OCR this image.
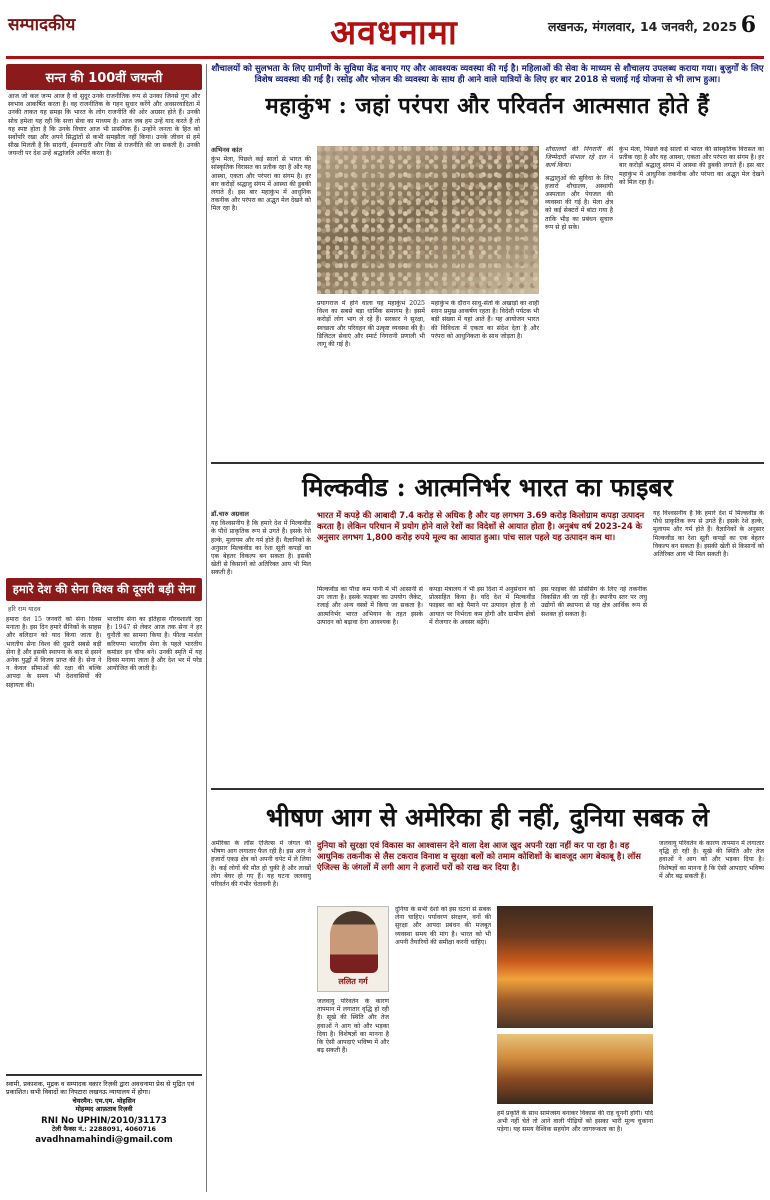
सम्पादकीय	अवधनामा	लखनऊ, मंगलवार, 14 जनवरी, 2025 6
सन्त की 100वीं जयन्ती
आज जो कल जन्म आज है वो सुदूर उनके राजनीतिक रूप से उनका जिनसे गुण और स्वभाव आकर्षित करता है। वह राजनीतिक के गहन सुधार करेंगे और अवसरवादिता में उनकी ताकत यह समझ कि भारत के लोग राजनीति की ओर अग्रसर होते हैं। उनकी सोच हमेशा यह रही कि सत्ता सेवा का माध्यम है। आज जब हम उन्हें याद करते हैं तो यह स्पष्ट होता है कि उनके विचार आज भी प्रासंगिक हैं। उन्होंने जनता के हित को सर्वोपरि रखा और अपने सिद्धांतों से कभी समझौता नहीं किया। उनके जीवन से हमें सीख मिलती है कि सादगी, ईमानदारी और निष्ठा से राजनीति की जा सकती है। उनकी जयन्ती पर देश उन्हें श्रद्धांजलि अर्पित करता है।
हमारे देश की सेना विश्व की दूसरी बड़ी सेना
हरि राम यादव
हमारा देश 15 जनवरी को सेना दिवस मनाता है। इस दिन हमारे सैनिकों के साहस और बलिदान को याद किया जाता है। भारतीय सेना विश्व की दूसरी सबसे बड़ी सेना है और इसकी स्थापना के बाद से इसने अनेक युद्धों में विजय प्राप्त की है। सेना ने न केवल सीमाओं की रक्षा की बल्कि आपदा के समय भी देशवासियों की सहायता की।
भारतीय सेना का इतिहास गौरवशाली रहा है। 1947 से लेकर आज तक सेना ने हर चुनौती का सामना किया है। फील्ड मार्शल करियप्पा भारतीय सेना के पहले भारतीय कमांडर इन चीफ बने। उनकी स्मृति में यह दिवस मनाया जाता है और देश भर में परेड आयोजित की जाती है।
स्वामी, प्रकाशक, मुद्रक व सम्पादक वक़ार रिज़वी द्वारा अवधनामा प्रेस से मुद्रित एवं प्रकाशित। सभी विवादों का निपटारा लखनऊ न्यायालय में होगा।
चेयरमैन: एम.एम. मोहसिन
मोहम्मद आफ़ताब रिज़वी
RNI No UPHIN/2010/31173
टेली फैक्स नं.: 2288091, 4060716
avadhnamahindi@gmail.com
शौचालयों को सुलभता के लिए ग्रामीणों के सुविधा केंद्र बनाए गए और आवश्यक व्यवस्था की गई है। महिलाओं की सेवा के माध्यम से शौचालय उपलब्ध कराया गया। बुजुर्गों के लिए विशेष व्यवस्था की गई है। रसोइ और भोजन की व्यवस्था के साथ ही आने वाले यात्रियों के लिए हर बार 2018 से चलाई गई योजना से भी लाभ हुआ।
महाकुंभ : जहां परंपरा और परिवर्तन आत्मसात होते हैं
अभिनव कांत
कुंभ मेला, पिछले कई सालों से भारत की सांस्कृतिक विरासत का प्रतीक रहा है और यह आस्था, एकता और परंपरा का संगम है। हर बार करोड़ों श्रद्धालु संगम में आस्था की डुबकी लगाते हैं। इस बार महाकुंभ में आधुनिक तकनीक और परंपरा का अद्भुत मेल देखने को मिल रहा है।
प्रयागराज में होने वाला यह महाकुंभ 2025 विश्व का सबसे बड़ा धार्मिक समागम है। इसमें करोड़ों लोग भाग ले रहे हैं। सरकार ने सुरक्षा, स्वच्छता और परिवहन की उत्कृष्ट व्यवस्था की है। डिजिटल सेवाएं और स्मार्ट निगरानी प्रणाली भी लागू की गई है।
महाकुंभ के दौरान साधु-संतों के अखाड़ों का शाही स्नान प्रमुख आकर्षण रहता है। विदेशी पर्यटक भी बड़ी संख्या में यहां आते हैं। यह आयोजन भारत की विविधता में एकता का संदेश देता है और परंपरा को आधुनिकता के साथ जोड़ता है।
शौचालयों की निगरानी की जिम्मेदारी संभाल रहे दल ने कार्य किया।
श्रद्धालुओं की सुविधा के लिए हजारों शौचालय, अस्थायी अस्पताल और पेयजल की व्यवस्था की गई है। मेला क्षेत्र को कई सेक्टरों में बांटा गया है ताकि भीड़ का प्रबंधन सुचारु रूप से हो सके।
कुंभ मेला, पिछले कई सालों से भारत की सांस्कृतिक विरासत का प्रतीक रहा है और यह आस्था, एकता और परंपरा का संगम है। हर बार करोड़ों श्रद्धालु संगम में आस्था की डुबकी लगाते हैं। इस बार महाकुंभ में आधुनिक तकनीक और परंपरा का अद्भुत मेल देखने को मिल रहा है।
मिल्कवीड : आत्मनिर्भर भारत का फाइबर
डॉ.चारु अग्रवाल
यह विश्वसनीय है कि हमारे देश में मिल्कवीड के पौधे प्राकृतिक रूप से उगते हैं। इसके रेशे हल्के, मुलायम और गर्म होते हैं। वैज्ञानिकों के अनुसार मिल्कवीड का रेशा सूती कपड़ों का एक बेहतर विकल्प बन सकता है। इसकी खेती से किसानों को अतिरिक्त आय भी मिल सकती है।
भारत में कपड़े की आबादी 7.4 करोड़ से अधिक है और यह लगभग 3.69 करोड़ किलोग्राम कपड़ा उत्पादन करता है। लेकिन परिधान में प्रयोग होने वाले रेशों का विदेशों से आयात होता है। अनुबंध वर्ष 2023-24 के अनुसार लगभग 1,800 करोड़ रुपये मूल्य का आयात हुआ। पांच साल पहले यह उत्पादन कम था।
मिल्कवीड का पौधा कम पानी में भी आसानी से उग जाता है। इसके फाइबर का उपयोग जैकेट, रजाई और अन्य वस्त्रों में किया जा सकता है। आत्मनिर्भर भारत अभियान के तहत इसके उत्पादन को बढ़ावा देना आवश्यक है।
कपड़ा मंत्रालय ने भी इस दिशा में अनुसंधान को प्रोत्साहित किया है। यदि देश में मिल्कवीड फाइबर का बड़े पैमाने पर उत्पादन होता है तो आयात पर निर्भरता कम होगी और ग्रामीण क्षेत्रों में रोजगार के अवसर बढ़ेंगे।
इस फाइबर की प्रोसेसिंग के लिए नई तकनीक विकसित की जा रही है। स्थानीय स्तर पर लघु उद्योगों की स्थापना से यह क्षेत्र आर्थिक रूप से सशक्त हो सकता है।
यह विश्वसनीय है कि हमारे देश में मिल्कवीड के पौधे प्राकृतिक रूप से उगते हैं। इसके रेशे हल्के, मुलायम और गर्म होते हैं। वैज्ञानिकों के अनुसार मिल्कवीड का रेशा सूती कपड़ों का एक बेहतर विकल्प बन सकता है। इसकी खेती से किसानों को अतिरिक्त आय भी मिल सकती है।
भीषण आग से अमेरिका ही नहीं, दुनिया सबक ले
अमेरिका के लॉस एंजिल्स में जंगल की भीषण आग लगातार फैल रही है। इस आग ने हजारों एकड़ क्षेत्र को अपनी चपेट में ले लिया है। कई लोगों की मौत हो चुकी है और लाखों लोग बेघर हो गए हैं। यह घटना जलवायु परिवर्तन की गंभीर चेतावनी है।
दुनिया को सुरक्षा एवं विकास का आश्वासन देने वाला देश आज खुद अपनी रक्षा नहीं कर पा रहा है। वह आधुनिक तकनीक से लैस टकराव विनाश व सुरक्षा बलों को तमाम कोशिशों के बावजूद आग बेकाबू है। लॉस एंजिल्स के जंगलों में लगी आग ने हजारों घरों को राख कर दिया है।
ललित गर्ग
जलवायु परिवर्तन के कारण तापमान में लगातार वृद्धि हो रही है। सूखे की स्थिति और तेज हवाओं ने आग को और भड़का दिया है। विशेषज्ञों का मानना है कि ऐसी आपदाएं भविष्य में और बढ़ सकती हैं।
दुनिया के सभी देशों को इस घटना से सबक लेना चाहिए। पर्यावरण संरक्षण, वनों की सुरक्षा और आपदा प्रबंधन की मजबूत व्यवस्था समय की मांग है। भारत को भी अपनी तैयारियों की समीक्षा करनी चाहिए।
हमें प्रकृति के साथ सामंजस्य बनाकर विकास की राह चुननी होगी। यदि अभी नहीं चेते तो आने वाली पीढ़ियों को इसका भारी मूल्य चुकाना पड़ेगा। यह समय वैश्विक सहयोग और जागरूकता का है।
जलवायु परिवर्तन के कारण तापमान में लगातार वृद्धि हो रही है। सूखे की स्थिति और तेज हवाओं ने आग को और भड़का दिया है। विशेषज्ञों का मानना है कि ऐसी आपदाएं भविष्य में और बढ़ सकती हैं।
